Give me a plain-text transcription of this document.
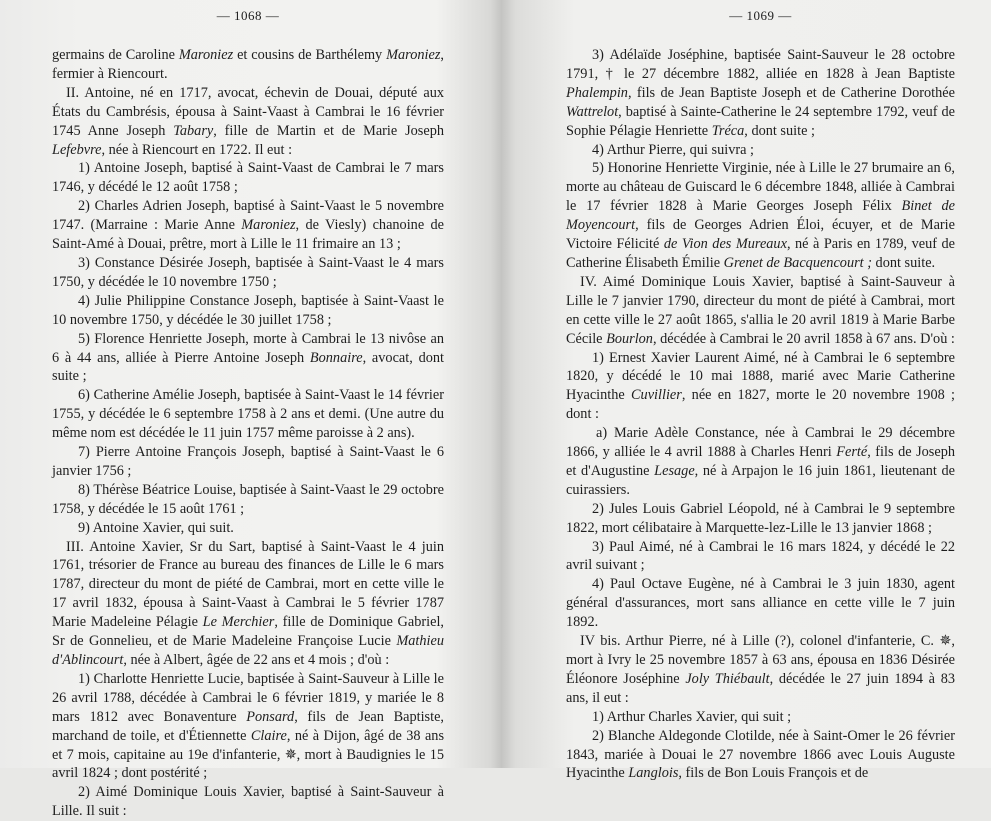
— 1068 —

germains de Caroline Maroniez et cousins de Barthélemy Maroniez, fermier à Riencourt.

II. Antoine, né en 1717, avocat, échevin de Douai, député aux États du Cambrésis, épousa à Saint-Vaast à Cambrai le 16 février 1745 Anne Joseph Tabary, fille de Martin et de Marie Joseph Lefebvre, née à Riencourt en 1722. Il eut :

1) Antoine Joseph, baptisé à Saint-Vaast de Cambrai le 7 mars 1746, y décédé le 12 août 1758 ;

2) Charles Adrien Joseph, baptisé à Saint-Vaast le 5 novembre 1747. (Marraine : Marie Anne Maroniez, de Viesly) chanoine de Saint-Amé à Douai, prêtre, mort à Lille le 11 frimaire an 13 ;

3) Constance Désirée Joseph, baptisée à Saint-Vaast le 4 mars 1750, y décédée le 10 novembre 1750 ;

4) Julie Philippine Constance Joseph, baptisée à Saint-Vaast le 10 novembre 1750, y décédée le 30 juillet 1758 ;

5) Florence Henriette Joseph, morte à Cambrai le 13 nivôse an 6 à 44 ans, alliée à Pierre Antoine Joseph Bonnaire, avocat, dont suite ;

6) Catherine Amélie Joseph, baptisée à Saint-Vaast le 14 février 1755, y décédée le 6 septembre 1758 à 2 ans et demi. (Une autre du même nom est décédée le 11 juin 1757 même paroisse à 2 ans).

7) Pierre Antoine François Joseph, baptisé à Saint-Vaast le 6 janvier 1756 ;

8) Thérèse Béatrice Louise, baptisée à Saint-Vaast le 29 octobre 1758, y décédée le 15 août 1761 ;

9) Antoine Xavier, qui suit.

III. Antoine Xavier, Sr du Sart, baptisé à Saint-Vaast le 4 juin 1761, trésorier de France au bureau des finances de Lille le 6 mars 1787, directeur du mont de piété de Cambrai, mort en cette ville le 17 avril 1832, épousa à Saint-Vaast à Cambrai le 5 février 1787 Marie Madeleine Pélagie Le Merchier, fille de Dominique Gabriel, Sr de Gonnelieu, et de Marie Madeleine Françoise Lucie Mathieu d'Ablincourt, née à Albert, âgée de 22 ans et 4 mois ; d'où :

1) Charlotte Henriette Lucie, baptisée à Saint-Sauveur à Lille le 26 avril 1788, décédée à Cambrai le 6 février 1819, y mariée le 8 mars 1812 avec Bonaventure Ponsard, fils de Jean Baptiste, marchand de toile, et d'Étiennette Claire, né à Dijon, âgé de 38 ans et 7 mois, capitaine au 19e d'infanterie, ✵, mort à Baudignies le 15 avril 1824 ; dont postérité ;

2) Aimé Dominique Louis Xavier, baptisé à Saint-Sauveur à Lille. Il suit :

— 1069 —

3) Adélaïde Joséphine, baptisée Saint-Sauveur le 28 octobre 1791, † le 27 décembre 1882, alliée en 1828 à Jean Baptiste Phalempin, fils de Jean Baptiste Joseph et de Catherine Dorothée Wattrelot, baptisé à Sainte-Catherine le 24 septembre 1792, veuf de Sophie Pélagie Henriette Tréca, dont suite ;

4) Arthur Pierre, qui suivra ;

5) Honorine Henriette Virginie, née à Lille le 27 brumaire an 6, morte au château de Guiscard le 6 décembre 1848, alliée à Cambrai le 17 février 1828 à Marie Georges Joseph Félix Binet de Moyencourt, fils de Georges Adrien Éloi, écuyer, et de Marie Victoire Félicité de Vion des Mureaux, né à Paris en 1789, veuf de Catherine Élisabeth Émilie Grenet de Bacquencourt ; dont suite.

IV. Aimé Dominique Louis Xavier, baptisé à Saint-Sauveur à Lille le 7 janvier 1790, directeur du mont de piété à Cambrai, mort en cette ville le 27 août 1865, s'allia le 20 avril 1819 à Marie Barbe Cécile Bourlon, décédée à Cambrai le 20 avril 1858 à 67 ans. D'où :

1) Ernest Xavier Laurent Aimé, né à Cambrai le 6 septembre 1820, y décédé le 10 mai 1888, marié avec Marie Catherine Hyacinthe Cuvillier, née en 1827, morte le 20 novembre 1908 ; dont :

a) Marie Adèle Constance, née à Cambrai le 29 décembre 1866, y alliée le 4 avril 1888 à Charles Henri Ferté, fils de Joseph et d'Augustine Lesage, né à Arpajon le 16 juin 1861, lieutenant de cuirassiers.

2) Jules Louis Gabriel Léopold, né à Cambrai le 9 septembre 1822, mort célibataire à Marquette-lez-Lille le 13 janvier 1868 ;

3) Paul Aimé, né à Cambrai le 16 mars 1824, y décédé le 22 avril suivant ;

4) Paul Octave Eugène, né à Cambrai le 3 juin 1830, agent général d'assurances, mort sans alliance en cette ville le 7 juin 1892.

IV bis. Arthur Pierre, né à Lille (?), colonel d'infanterie, C. ✵, mort à Ivry le 25 novembre 1857 à 63 ans, épousa en 1836 Désirée Éléonore Joséphine Joly Thiébault, décédée le 27 juin 1894 à 83 ans, il eut :

1) Arthur Charles Xavier, qui suit ;

2) Blanche Aldegonde Clotilde, née à Saint-Omer le 26 février 1843, mariée à Douai le 27 novembre 1866 avec Louis Auguste Hyacinthe Langlois, fils de Bon Louis François et de
